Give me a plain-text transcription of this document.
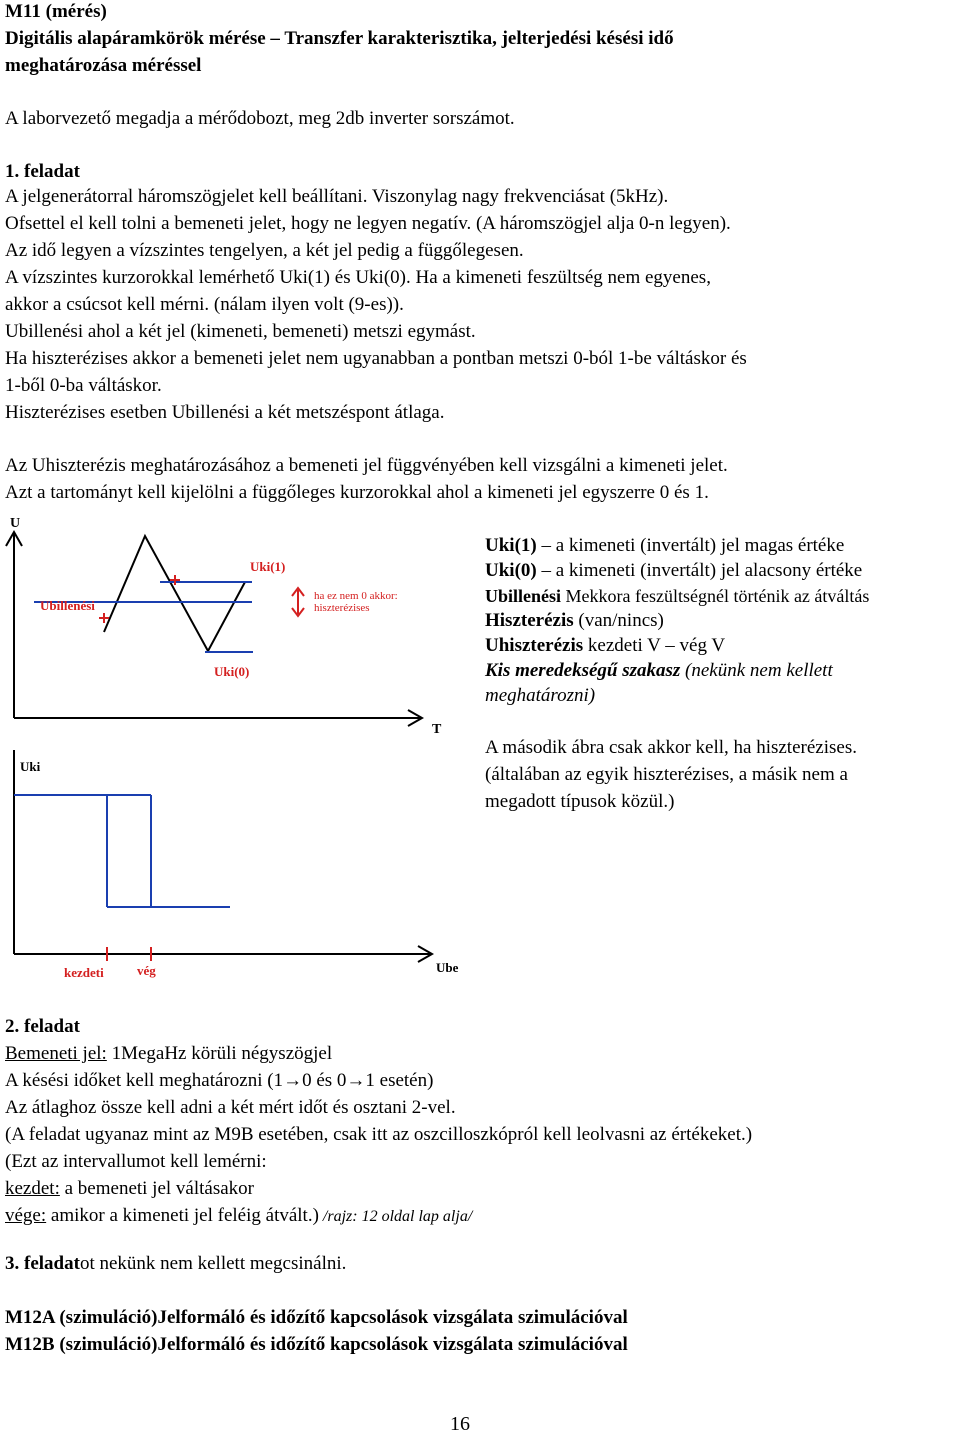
M11 (mérés)
Digitális alapáramkörök mérése – Transzfer karakterisztika, jelterjedési késési idő
meghatározása méréssel
A laborvezető megadja a mérődobozt, meg 2db inverter sorszámot.
1. feladat
A jelgenerátorral háromszögjelet kell beállítani. Viszonylag nagy frekvenciásat (5kHz).
Ofsettel el kell tolni a bemeneti jelet, hogy ne legyen negatív. (A háromszögjel alja 0-n legyen).
Az idő legyen a vízszintes tengelyen, a két jel pedig a függőlegesen.
A vízszintes kurzorokkal lemérhető Uki(1) és Uki(0). Ha a kimeneti feszültség nem egyenes,
akkor a csúcsot kell mérni. (nálam ilyen volt (9-es)).
Ubillenési ahol a két jel (kimeneti, bemeneti) metszi egymást.
Ha hiszterézises akkor a bemeneti jelet nem ugyanabban a pontban metszi 0-ból 1-be váltáskor és
1-ből 0-ba váltáskor.
Hiszterézises esetben Ubillenési a két metszéspont átlaga.
Az Uhiszterézis meghatározásához a bemeneti jel függvényében kell vizsgálni a kimeneti jelet.
Azt a tartományt kell kijelölni a függőleges kurzorokkal ahol a kimeneti jel egyszerre 0 és 1.
U
T
Ubillenési
Uki(1)
Uki(0)
ha ez nem 0 akkor:
hiszterézises
Uki
Ube
kezdeti	vég
Uki(1) – a kimeneti (invertált) jel magas értéke
Uki(0) – a kimeneti (invertált) jel alacsony értéke
Ubillenési Mekkora feszültségnél történik az átváltás
Hiszterézis (van/nincs)
Uhiszterézis kezdeti V – vég V
Kis meredekségű szakasz (nekünk nem kellett
meghatározni)
A második ábra csak akkor kell, ha hiszterézises.
(általában az egyik hiszterézises, a másik nem a
megadott típusok közül.)
2. feladat
Bemeneti jel: 1MegaHz körüli négyszögjel
A késési időket kell meghatározni (1→0 és 0→1 esetén)
Az átlaghoz össze kell adni a két mért időt és osztani 2-vel.
(A feladat ugyanaz mint az M9B esetében, csak itt az oszcilloszkópról kell leolvasni az értékeket.)
(Ezt az intervallumot kell lemérni:
kezdet: a bemeneti jel váltásakor
vége: amikor a kimeneti jel feléig átvált.) /rajz: 12 oldal lap alja/
3. feladatot nekünk nem kellett megcsinálni.
M12A (szimuláció)Jelformáló és időzítő kapcsolások vizsgálata szimulációval
M12B (szimuláció)Jelformáló és időzítő kapcsolások vizsgálata szimulációval
16
